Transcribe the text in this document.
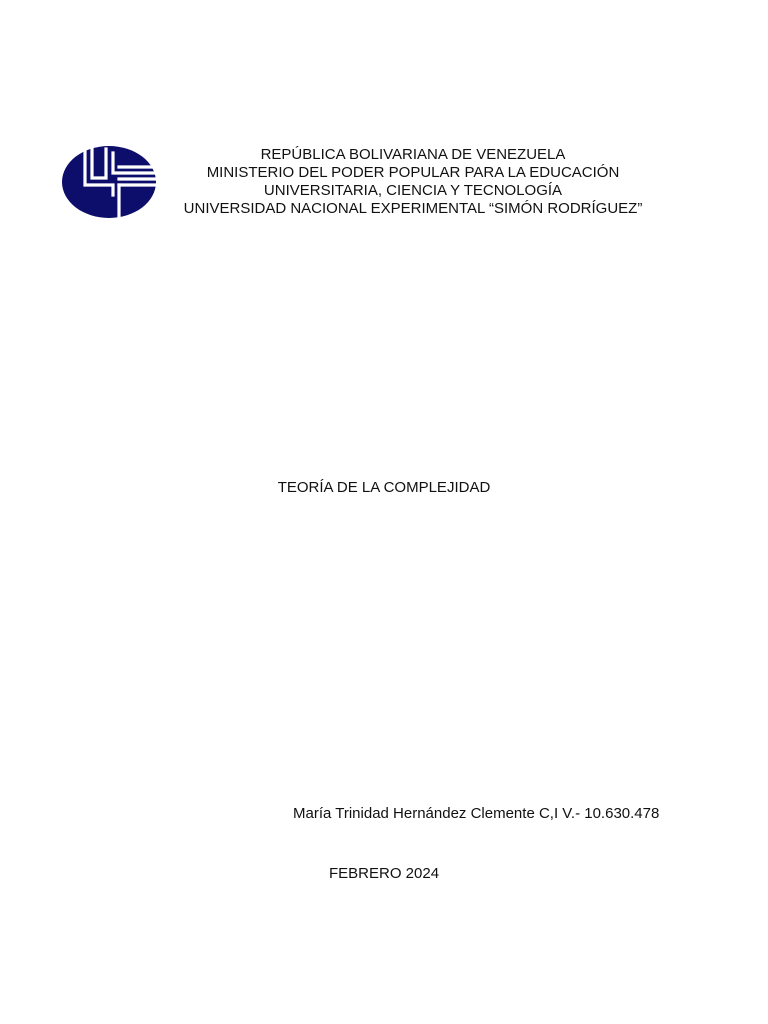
REPÚBLICA BOLIVARIANA DE VENEZUELA
MINISTERIO DEL PODER POPULAR PARA LA EDUCACIÓN
UNIVERSITARIA, CIENCIA Y TECNOLOGÍA
UNIVERSIDAD NACIONAL EXPERIMENTAL “SIMÓN RODRÍGUEZ”
TEORÍA DE LA COMPLEJIDAD
María Trinidad Hernández Clemente C,I V.- 10.630.478
FEBRERO 2024
